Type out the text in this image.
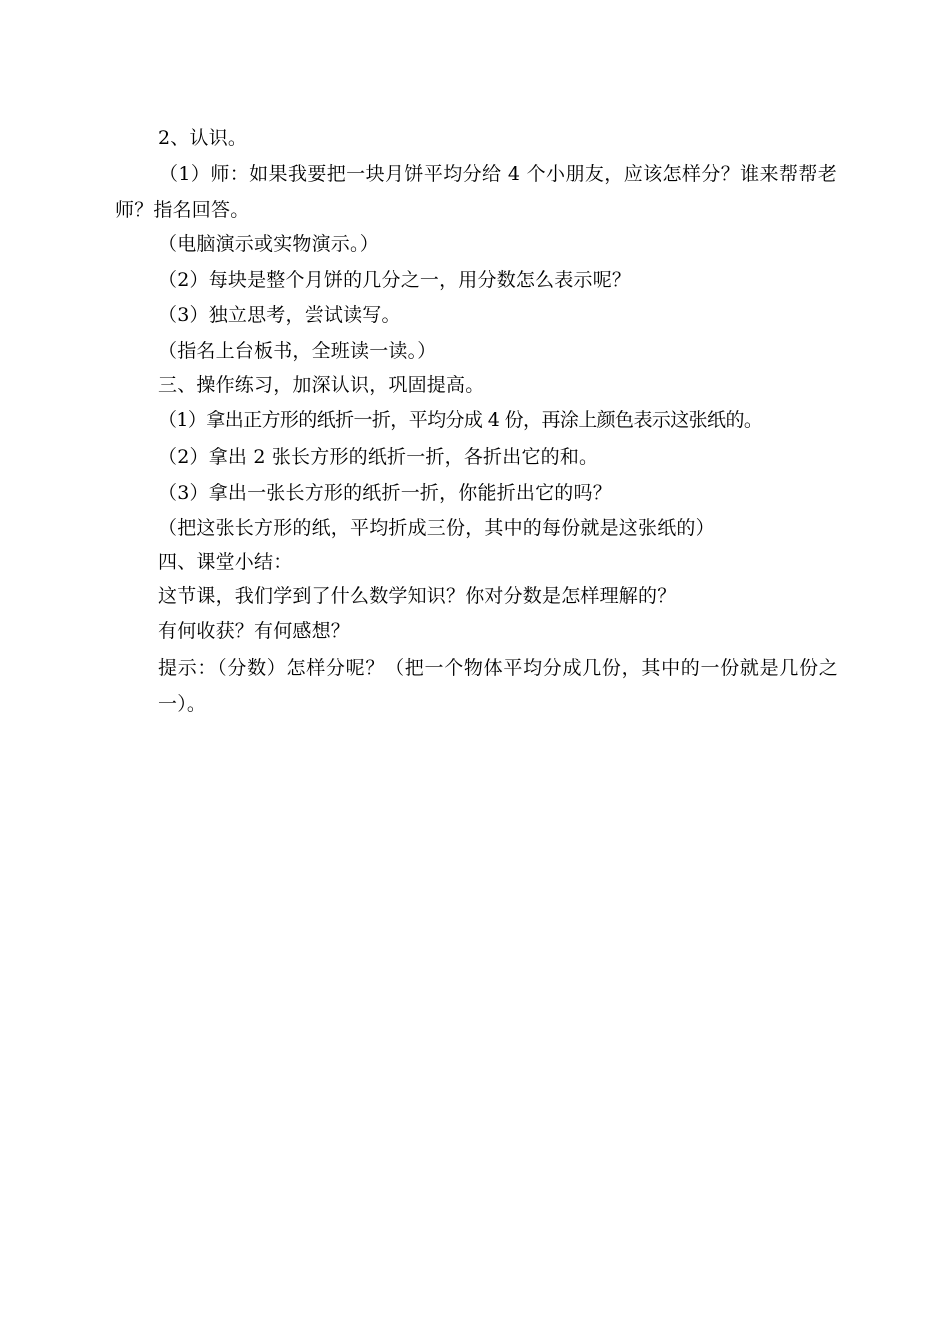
2、认识。
（1）师：如果我要把一块月饼平均分给 4 个小朋友，应该怎样分？谁来帮帮老师？指名回答。
（电脑演示或实物演示。）
（2）每块是整个月饼的几分之一，用分数怎么表示呢？
（3）独立思考，尝试读写。
（指名上台板书，全班读一读。）
三、操作练习，加深认识，巩固提高。
（1）拿出正方形的纸折一折，平均分成 4 份，再涂上颜色表示这张纸的。
（2）拿出 2 张长方形的纸折一折，各折出它的和。
（3）拿出一张长方形的纸折一折，你能折出它的吗？
（把这张长方形的纸，平均折成三份，其中的每份就是这张纸的）
四、课堂小结：
这节课，我们学到了什么数学知识？你对分数是怎样理解的？
有何收获？有何感想？
提示：（分数）怎样分呢？（把一个物体平均分成几份，其中的一份就是几份之一）。
